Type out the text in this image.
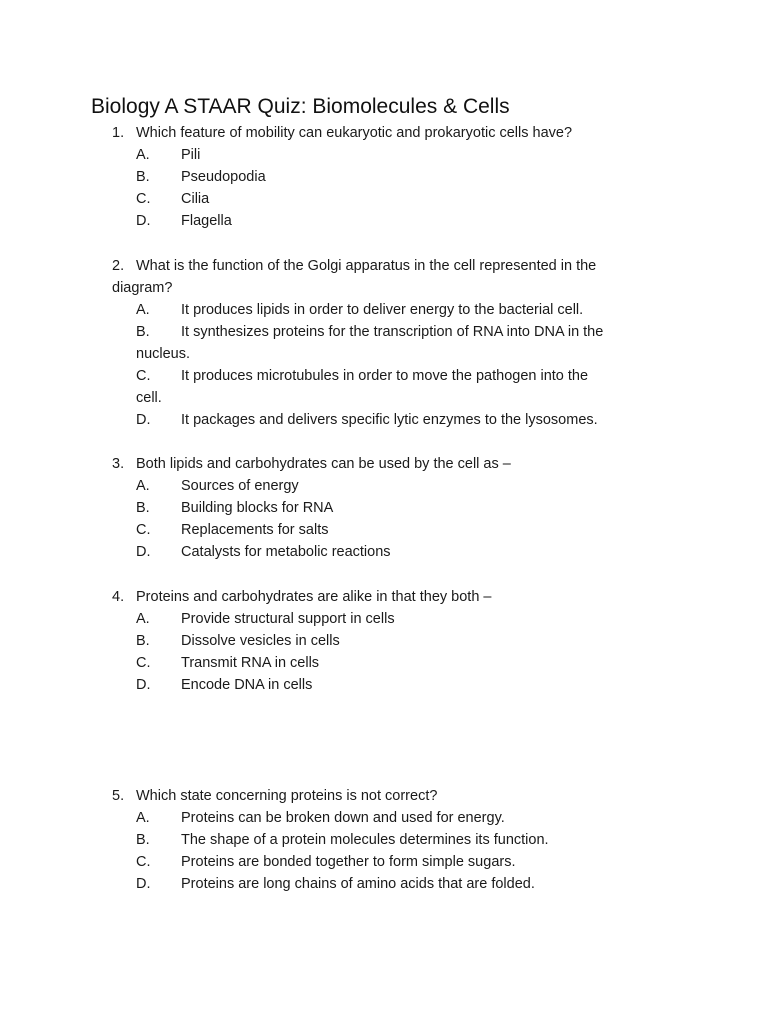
Biology A STAAR Quiz: Biomolecules & Cells
1. Which feature of mobility can eukaryotic and prokaryotic cells have?
A.	Pili
B.	Pseudopodia
C.	Cilia
D.	Flagella
2. What is the function of the Golgi apparatus in the cell represented in the
diagram?
A.	It produces lipids in order to deliver energy to the bacterial cell.
B.	It synthesizes proteins for the transcription of RNA into DNA in the
nucleus.
C.	It produces microtubules in order to move the pathogen into the
cell.
D.	It packages and delivers specific lytic enzymes to the lysosomes.
3. Both lipids and carbohydrates can be used by the cell as –
A.	Sources of energy
B.	Building blocks for RNA
C.	Replacements for salts
D.	Catalysts for metabolic reactions
4. Proteins and carbohydrates are alike in that they both –
A.	Provide structural support in cells
B.	Dissolve vesicles in cells
C.	Transmit RNA in cells
D.	Encode DNA in cells
5. Which state concerning proteins is not correct?
A.	Proteins can be broken down and used for energy.
B.	The shape of a protein molecules determines its function.
C.	Proteins are bonded together to form simple sugars.
D.	Proteins are long chains of amino acids that are folded.
